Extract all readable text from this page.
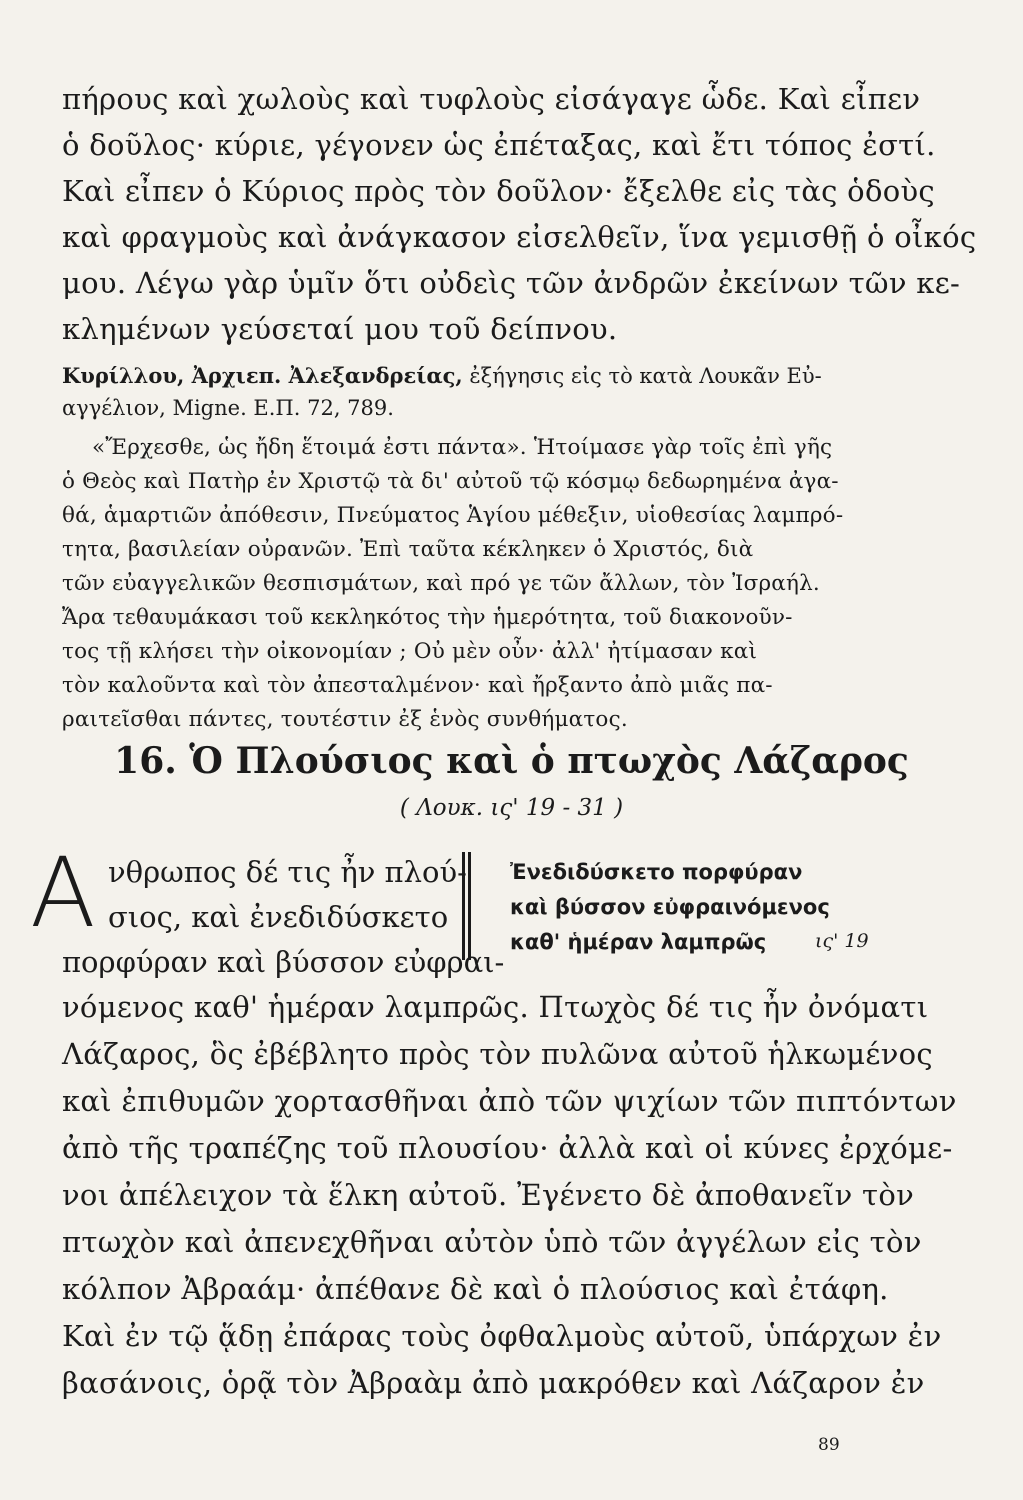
πήρους καὶ χωλοὺς καὶ τυφλοὺς εἰσάγαγε ὧδε. Καὶ εἶπεν
ὁ δοῦλος· κύριε, γέγονεν ὡς ἐπέταξας, καὶ ἔτι τόπος ἐστί.
Καὶ εἶπεν ὁ Κύριος πρὸς τὸν δοῦλον· ἔξελθε εἰς τὰς ὁδοὺς
καὶ φραγμοὺς καὶ ἀνάγκασον εἰσελθεῖν, ἵνα γεμισθῇ ὁ οἶκός
μου. Λέγω γὰρ ὑμῖν ὅτι οὐδεὶς τῶν ἀνδρῶν ἐκείνων τῶν κε-
κλημένων γεύσεταί μου τοῦ δείπνου.
Κυρίλλου, Ἀρχιεπ. Ἀλεξανδρείας, ἐξήγησις εἰς τὸ κατὰ Λουκᾶν Εὐ-
αγγέλιον, Migne. Ε.Π. 72, 789.
«Ἔρχεσθε, ὡς ἤδη ἕτοιμά ἐστι πάντα». Ἡτοίμασε γὰρ τοῖς ἐπὶ γῆς
ὁ Θεὸς καὶ Πατὴρ ἐν Χριστῷ τὰ δι' αὐτοῦ τῷ κόσμῳ δεδωρημένα ἀγα-
θά, ἁμαρτιῶν ἀπόθεσιν, Πνεύματος Ἁγίου μέθεξιν, υἱοθεσίας λαμπρό-
τητα, βασιλείαν οὐρανῶν. Ἐπὶ ταῦτα κέκληκεν ὁ Χριστός, διὰ
τῶν εὐαγγελικῶν θεσπισμάτων, καὶ πρό γε τῶν ἄλλων, τὸν Ἰσραήλ.
Ἄρα τεθαυμάκασι τοῦ κεκληκότος τὴν ἡμερότητα, τοῦ διακονοῦν-
τος τῇ κλήσει τὴν οἰκονομίαν ; Οὐ μὲν οὖν· ἀλλ' ἠτίμασαν καὶ
τὸν καλοῦντα καὶ τὸν ἀπεσταλμένον· καὶ ἤρξαντο ἀπὸ μιᾶς πα-
ραιτεῖσθαι πάντες, τουτέστιν ἐξ ἑνὸς συνθήματος.
16. Ὁ Πλούσιος καὶ ὁ πτωχὸς Λάζαρος
( Λουκ. ις' 19 - 31 )
Α νθρωπος δέ τις ἦν πλού-
σιος, καὶ ἐνεδιδύσκετο
πορφύραν καὶ βύσσον εὐφραι-
Ἐνεδιδύσκετο πορφύραν
καὶ βύσσον εὐφραινόμενος
καθ' ἡμέραν λαμπρῶς	ις' 19
νόμενος καθ' ἡμέραν λαμπρῶς. Πτωχὸς δέ τις ἦν ὀνόματι
Λάζαρος, ὃς ἐβέβλητο πρὸς τὸν πυλῶνα αὐτοῦ ἡλκωμένος
καὶ ἐπιθυμῶν χορτασθῆναι ἀπὸ τῶν ψιχίων τῶν πιπτόντων
ἀπὸ τῆς τραπέζης τοῦ πλουσίου· ἀλλὰ καὶ οἱ κύνες ἐρχόμε-
νοι ἀπέλειχον τὰ ἕλκη αὐτοῦ. Ἐγένετο δὲ ἀποθανεῖν τὸν
πτωχὸν καὶ ἀπενεχθῆναι αὐτὸν ὑπὸ τῶν ἀγγέλων εἰς τὸν
κόλπον Ἀβραάμ· ἀπέθανε δὲ καὶ ὁ πλούσιος καὶ ἐτάφη.
Καὶ ἐν τῷ ᾅδῃ ἐπάρας τοὺς ὀφθαλμοὺς αὐτοῦ, ὑπάρχων ἐν
βασάνοις, ὁρᾷ τὸν Ἀβραὰμ ἀπὸ μακρόθεν καὶ Λάζαρον ἐν
89
